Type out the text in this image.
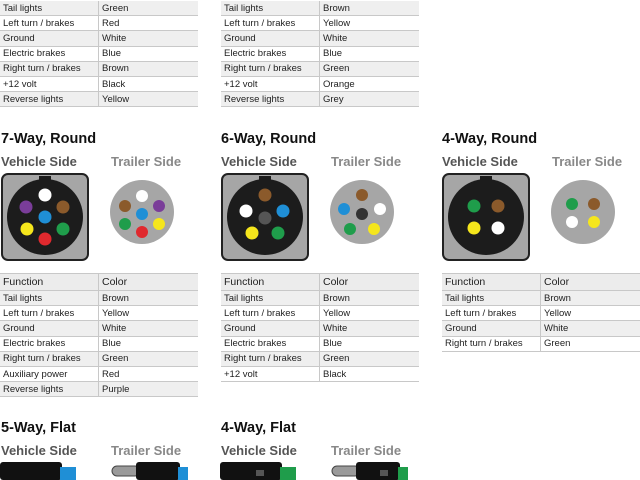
Tail lights	Green
Left turn / brakes	Red
Ground	White
Electric brakes	Blue
Right turn / brakes	Brown
+12 volt	Black
Reverse lights	Yellow
Tail lights	Brown
Left turn / brakes	Yellow
Ground	White
Electric brakes	Blue
Right turn / brakes	Green
+12 volt	Orange
Reverse lights	Grey
7-Way, Round
Vehicle Side	Trailer Side
Function	Color
Tail lights	Brown
Left turn / brakes	Yellow
Ground	White
Electric brakes	Blue
Right turn / brakes	Green
Auxiliary power	Red
Reverse lights	Purple
6-Way, Round
Vehicle Side	Trailer Side
Function	Color
Tail lights	Brown
Left turn / brakes	Yellow
Ground	White
Electric brakes	Blue
Right turn / brakes	Green
+12 volt	Black
4-Way, Round
Vehicle Side	Trailer Side
Function	Color
Tail lights	Brown
Left turn / brakes	Yellow
Ground	White
Right turn / brakes	Green
5-Way, Flat
Vehicle Side	Trailer Side
4-Way, Flat
Vehicle Side	Trailer Side
